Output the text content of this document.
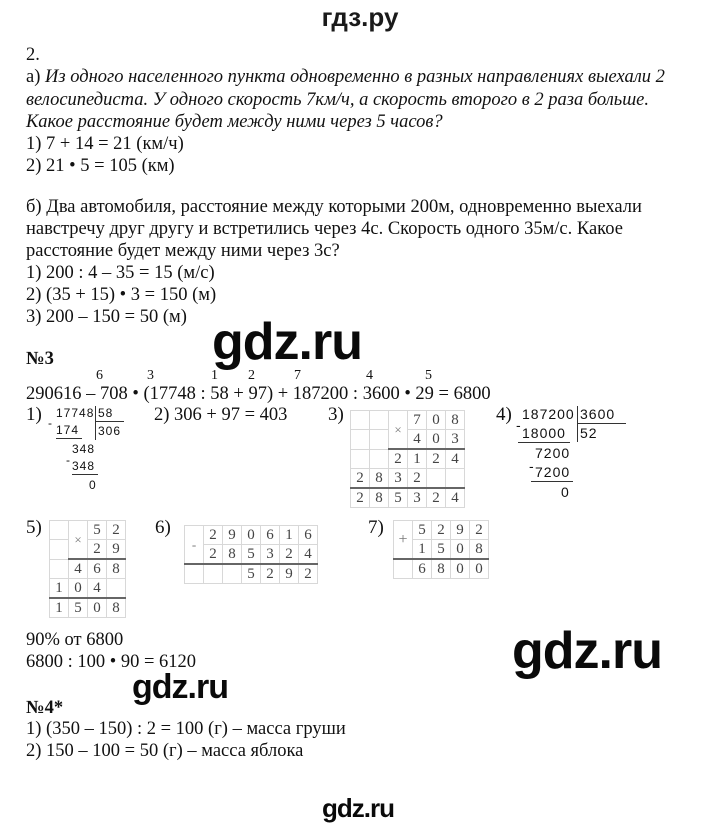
гдз.ру
2.
а) Из одного населенного пункта одновременно в разных направлениях выехали 2
велосипедиста. У одного скорость 7км/ч, а скорость второго в 2 раза больше.
Какое расстояние будет между ними через 5 часов?
1) 7 + 14 = 21 (км/ч)
2) 21 • 5 = 105 (км)
б) Два автомобиля, расстояние между которыми 200м, одновременно выехали
навстречу друг другу и встретились через 4с. Скорость одного 35м/с. Какое
расстояние будет между ними через 3с?
1) 200 : 4 – 35 = 15 (м/с)
2) (35 + 15) • 3 = 150 (м)
3) 200 – 150 = 50 (м) gdz.ru
№3
6	3	1 2	7	4	5
290616 – 708 • (17748 : 58 + 97) + 187200 : 3600 • 29 = 6800
1) 17748 58
306
- 174
348
- 348
0
2) 306 + 97 = 403 3)
		×	7	0	8
			4	0	3
		2	1	2	4
2	8	3	2		
2	8	5	3	2	4
4) 187200 3600
52
- 18000
7200
- 7200
0
5)
	×	5	2
		2	9
	4	6	8
1	0	4	
1	5	0	8
6)
-	2	9	0	6	1	6
	2	8	5	3	2	4
			5	2	9	2
7)
+	5	2	9	2
	1	5	0	8
	6	8	0	0
90% от 6800
6800 : 100 • 90 = 6120	gdz.ru
gdz.ru
№4*
1) (350 – 150) : 2 = 100 (г) – масса груши
2) 150 – 100 = 50 (г) – масса яблока
gdz.ru
